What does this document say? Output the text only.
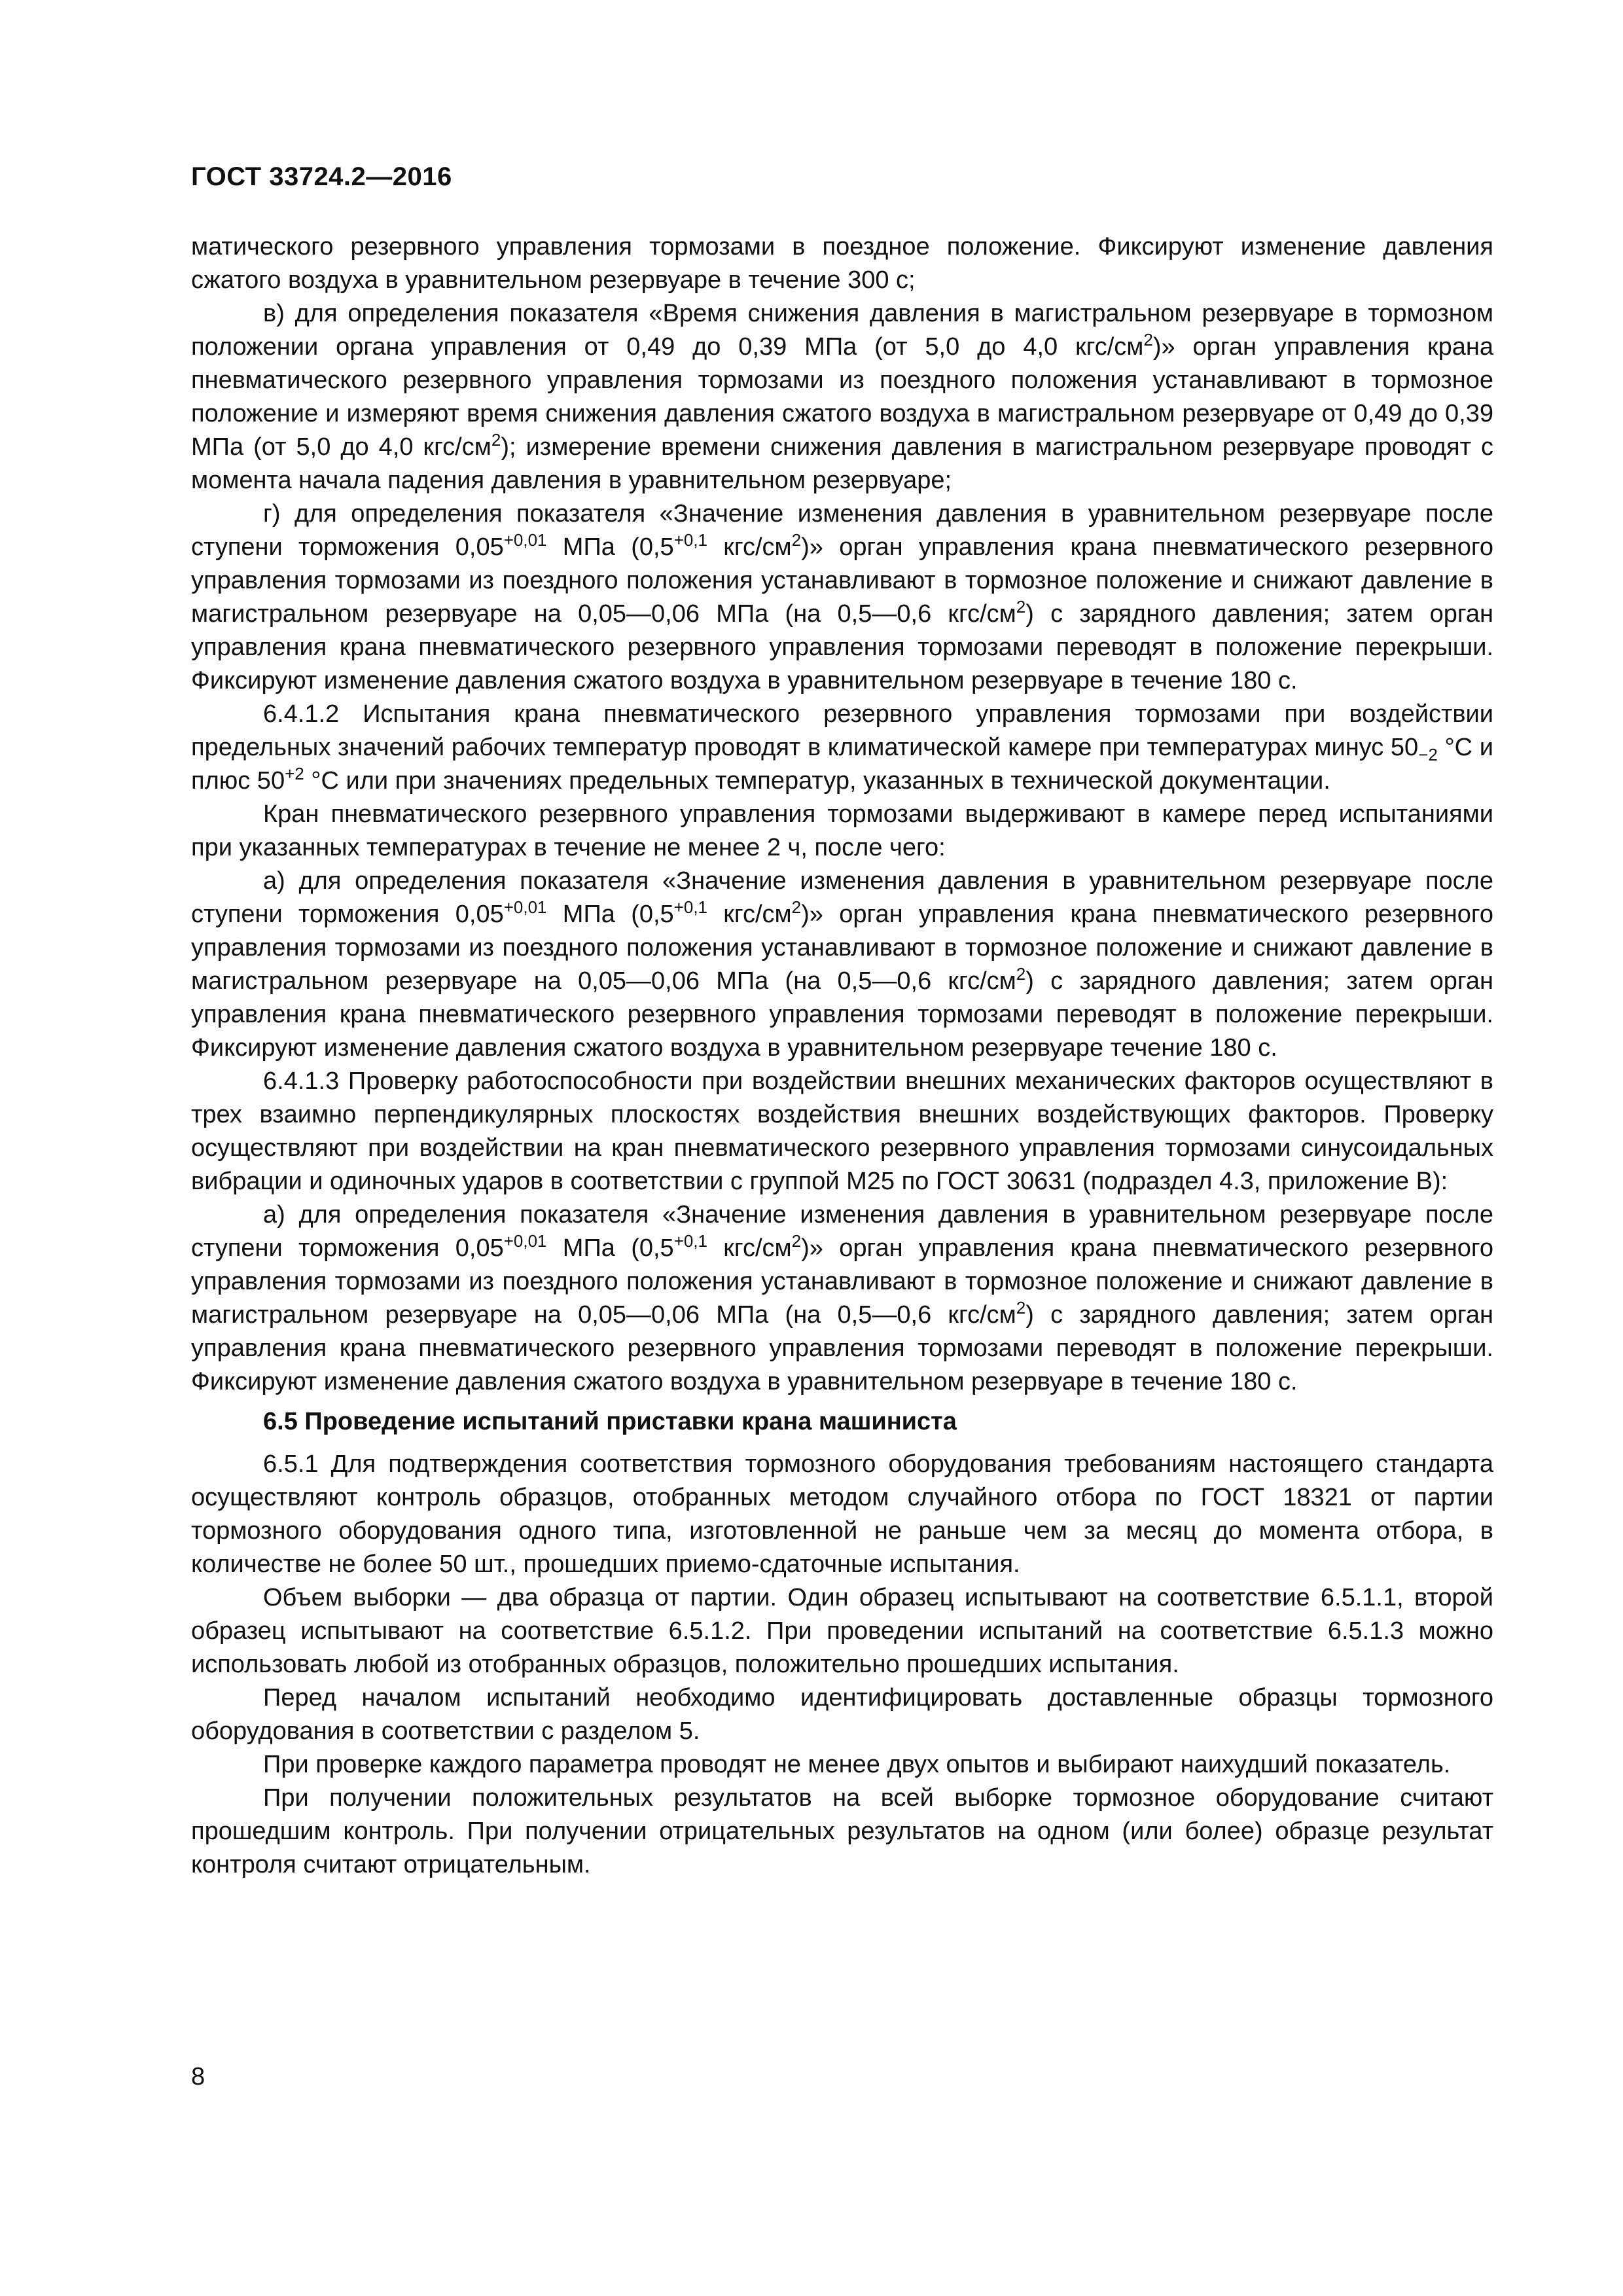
ГОСТ 33724.2—2016

матического резервного управления тормозами в поездное положение. Фиксируют изменение давления сжатого воздуха в уравнительном резервуаре в течение 300 с;

в) для определения показателя «Время снижения давления в магистральном резервуаре в тормозном положении органа управления от 0,49 до 0,39 МПа (от 5,0 до 4,0 кгс/$см^2$)» орган управления крана пневматического резервного управления тормозами из поездного положения устанавливают в тормозное положение и измеряют время снижения давления сжатого воздуха в магистральном резервуаре от 0,49 до 0,39 МПа (от 5,0 до 4,0 кгс/$см^2$); измерение времени снижения давления в магистральном резервуаре проводят с момента начала падения давления в уравнительном резервуаре;

г) для определения показателя «Значение изменения давления в уравнительном резервуаре после ступени торможения $0,05^{+0,01}$ МПа ($0,5^{+0,1}$ кгс/$см^2$)» орган управления крана пневматического резервного управления тормозами из поездного положения устанавливают в тормозное положение и снижают давление в магистральном резервуаре на 0,05—0,06 МПа (на 0,5—0,6 кгс/$см^2$) с зарядного давления; затем орган управления крана пневматического резервного управления тормозами переводят в положение перекрыши. Фиксируют изменение давления сжатого воздуха в уравнительном резервуаре в течение 180 с.

6.4.1.2 Испытания крана пневматического резервного управления тормозами при воздействии предельных значений рабочих температур проводят в климатической камере при температурах минус $50_{-2}$ °С и плюс $50^{+2}$ °С или при значениях предельных температур, указанных в технической документации.

Кран пневматического резервного управления тормозами выдерживают в камере перед испытаниями при указанных температурах в течение не менее 2 ч, после чего:

а) для определения показателя «Значение изменения давления в уравнительном резервуаре после ступени торможения $0,05^{+0,01}$ МПа ($0,5^{+0,1}$ кгс/$см^2$)» орган управления крана пневматического резервного управления тормозами из поездного положения устанавливают в тормозное положение и снижают давление в магистральном резервуаре на 0,05—0,06 МПа (на 0,5—0,6 кгс/$см^2$) с зарядного давления; затем орган управления крана пневматического резервного управления тормозами переводят в положение перекрыши. Фиксируют изменение давления сжатого воздуха в уравнительном резервуаре течение 180 с.

6.4.1.3 Проверку работоспособности при воздействии внешних механических факторов осуществляют в трех взаимно перпендикулярных плоскостях воздействия внешних воздействующих факторов. Проверку осуществляют при воздействии на кран пневматического резервного управления тормозами синусоидальных вибрации и одиночных ударов в соответствии с группой М25 по ГОСТ 30631 (подраздел 4.3, приложение В):

а) для определения показателя «Значение изменения давления в уравнительном резервуаре после ступени торможения $0,05^{+0,01}$ МПа ($0,5^{+0,1}$ кгс/$см^2$)» орган управления крана пневматического резервного управления тормозами из поездного положения устанавливают в тормозное положение и снижают давление в магистральном резервуаре на 0,05—0,06 МПа (на 0,5—0,6 кгс/$см^2$) с зарядного давления; затем орган управления крана пневматического резервного управления тормозами переводят в положение перекрыши. Фиксируют изменение давления сжатого воздуха в уравнительном резервуаре в течение 180 с.

6.5 Проведение испытаний приставки крана машиниста

6.5.1 Для подтверждения соответствия тормозного оборудования требованиям настоящего стандарта осуществляют контроль образцов, отобранных методом случайного отбора по ГОСТ 18321 от партии тормозного оборудования одного типа, изготовленной не раньше чем за месяц до момента отбора, в количестве не более 50 шт., прошедших приемо-сдаточные испытания.

Объем выборки — два образца от партии. Один образец испытывают на соответствие 6.5.1.1, второй образец испытывают на соответствие 6.5.1.2. При проведении испытаний на соответствие 6.5.1.3 можно использовать любой из отобранных образцов, положительно прошедших испытания.

Перед началом испытаний необходимо идентифицировать доставленные образцы тормозного оборудования в соответствии с разделом 5.

При проверке каждого параметра проводят не менее двух опытов и выбирают наихудший показатель.

При получении положительных результатов на всей выборке тормозное оборудование считают прошедшим контроль. При получении отрицательных результатов на одном (или более) образце результат контроля считают отрицательным.

8
